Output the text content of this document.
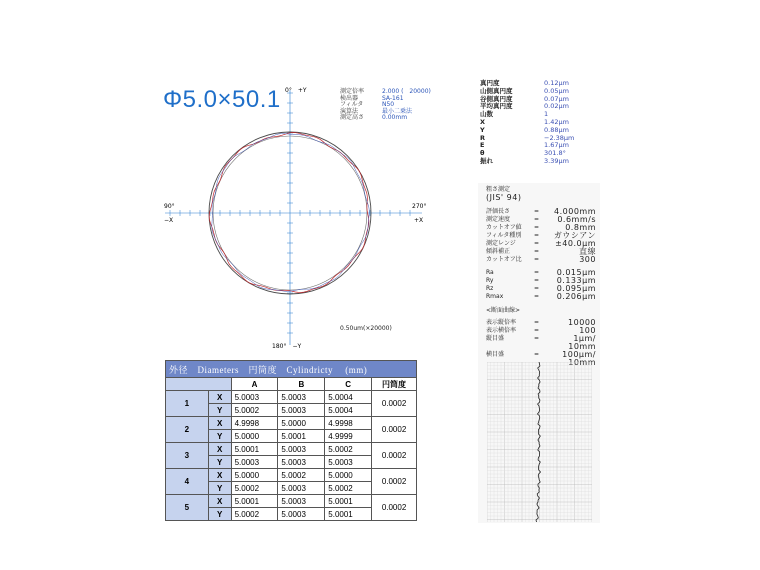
Φ5.0×50.1	測定倍率	2.000 (　20000)
検出器	SA-161
フィルタ	N50
演算法	最小二乗法
測定高さ	0.00mm
0°　+Y
180°　−Y
90°
−X
270°
+X
0.50um(×20000)
外径　Diameters　円筒度　Cylindricty　 (mm)					
		A	B	C	円筒度
1	X	5.0003	5.0003	5.0004	0.0002
	Y	5.0002	5.0003	5.0004	
2	X	4.9998	5.0000	4.9998	0.0002
	Y	5.0000	5.0001	4.9999	
3	X	5.0001	5.0003	5.0002	0.0002
	Y	5.0003	5.0003	5.0003	
4	X	5.0000	5.0002	5.0000	0.0002
	Y	5.0002	5.0003	5.0002	
5	X	5.0001	5.0003	5.0001	0.0002
	Y	5.0002	5.0003	5.0001	
真円度	0.12μm
山側真円度	0.05μm
谷側真円度	0.07μm
平均真円度	0.02μm
山数	1
X	1.42μm
Y	0.88μm
R	−2.38μm
E	1.67μm
θ	301.8°
振れ	3.39μm
粗さ測定
(JIS' 94)
評価長さ	=	4.000mm
測定速度	=	0.6mm/s
カットオフ値	=	0.8mm
フィルタ種別	=	ガウシアン
測定レンジ	=	±40.0μm
傾斜補正	=	直線
カットオフ比	=	300
Ra	=	0.015μm
Ry	=	0.133μm
Rz	=	0.095μm
Rmax	=	0.206μm
<断面曲線>
表示縦倍率	=	10000
表示横倍率	=	100
縦目盛	=	1μm/ 10mm
横目盛	=	100μm/ 10mm
